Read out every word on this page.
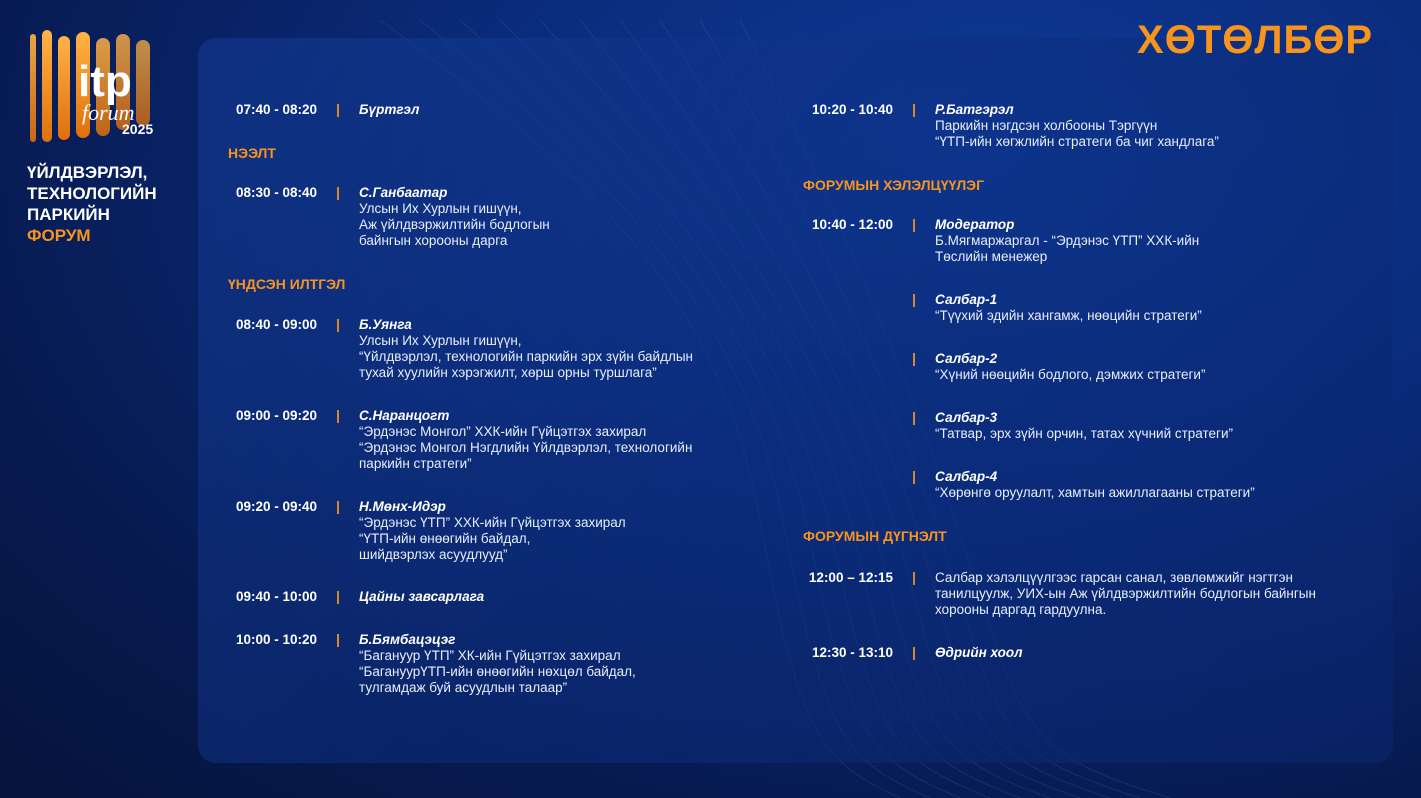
itp
forum
2025
ҮЙЛДВЭРЛЭЛ,
ТЕХНОЛОГИЙН
ПАРКИЙН
ФОРУМ
ХӨТӨЛБӨР
07:40 - 08:20	|	Бүртгэл
НЭЭЛТ
08:30 - 08:40	|	С.Ганбаатар
Улсын Их Хурлын гишүүн,
Аж үйлдвэржилтийн бодлогын
байнгын хорооны дарга
ҮНДСЭН ИЛТГЭЛ
08:40 - 09:00	|	Б.Уянга
Улсын Их Хурлын гишүүн,
“Үйлдвэрлэл, технологийн паркийн эрх зүйн байдлын
тухай хуулийн хэрэгжилт, хөрш орны туршлага”
09:00 - 09:20	|	С.Наранцогт
“Эрдэнэс Монгол” ХХК-ийн Гүйцэтгэх захирал
“Эрдэнэс Монгол Нэгдлийн Үйлдвэрлэл, технологийн
паркийн стратеги”
09:20 - 09:40	|	Н.Мөнх-Идэр
“Эрдэнэс ҮТП” ХХК-ийн Гүйцэтгэх захирал
“ҮТП-ийн өнөөгийн байдал,
шийдвэрлэх асуудлууд”
09:40 - 10:00	|	Цайны завсарлага
10:00 - 10:20	|	Б.Бямбацэцэг
“Багануур ҮТП” ХК-ийн Гүйцэтгэх захирал
“БагануурҮТП-ийн өнөөгийн нөхцөл байдал,
тулгамдаж буй асуудлын талаар”
10:20 - 10:40	|	Р.Батгэрэл
Паркийн нэгдсэн холбооны Тэргүүн
“ҮТП-ийн хөгжлийн стратеги ба чиг хандлага”
ФОРУМЫН ХЭЛЭЛЦҮҮЛЭГ
10:40 - 12:00	|	Модератор
Б.Мягмаржаргал - “Эрдэнэс ҮТП” ХХК-ийн
Төслийн менежер
|	Салбар-1
“Түүхий эдийн хангамж, нөөцийн стратеги”
|	Салбар-2
“Хүний нөөцийн бодлого, дэмжих стратеги”
|	Салбар-3
“Татвар, эрх зүйн орчин, татах хүчний стратеги”
|	Салбар-4
“Хөрөнгө оруулалт, хамтын ажиллагааны стратеги”
ФОРУМЫН ДҮГНЭЛТ
12:00 – 12:15	|	Салбар хэлэлцүүлгээс гарсан санал, зөвлөмжийг нэгтгэн
танилцуулж, УИХ-ын Аж үйлдвэржилтийн бодлогын байнгын
хорооны даргад гардуулна.
12:30 - 13:10	|	Өдрийн хоол
